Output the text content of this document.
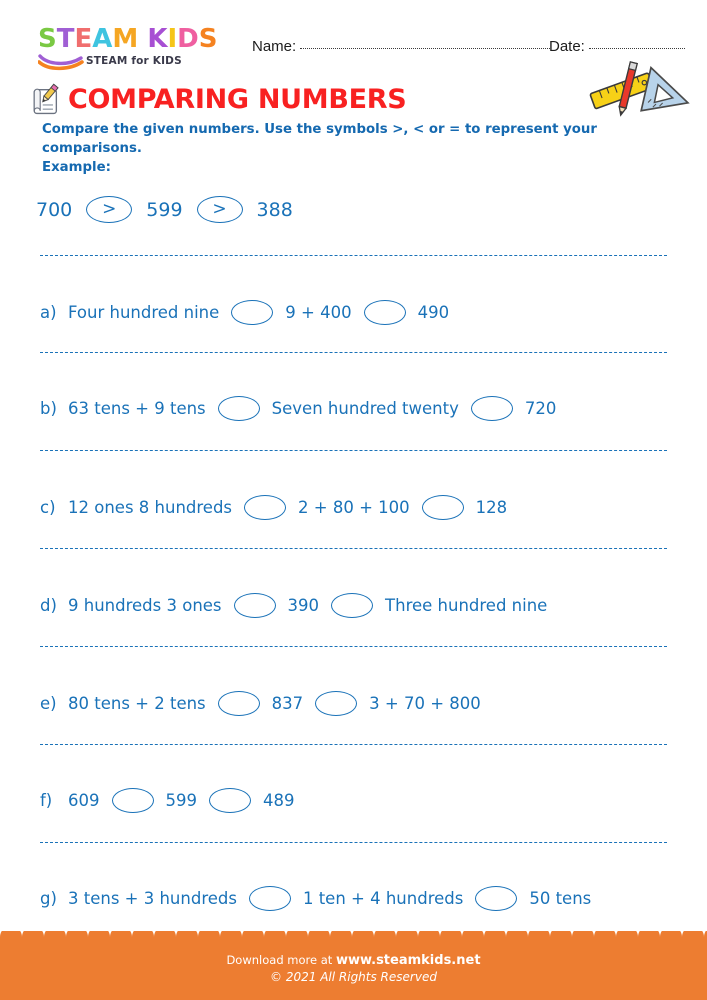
STEAM KIDS
STEAM for KIDS
Name:	Date:
COMPARING NUMBERS
Compare the given numbers. Use the symbols >, < or = to represent your comparisons.
Example:
700	>	599	>	388
a) Four hundred nine	9 + 400	490
b) 63 tens + 9 tens	Seven hundred twenty	720
c) 12 ones 8 hundreds	2 + 80 + 100	128
d) 9 hundreds 3 ones	390	Three hundred nine
e) 80 tens + 2 tens	837	3 + 70 + 800
f) 609	599	489
g) 3 tens + 3 hundreds	1 ten + 4 hundreds	50 tens
Download more at www.steamkids.net
© 2021 All Rights Reserved
